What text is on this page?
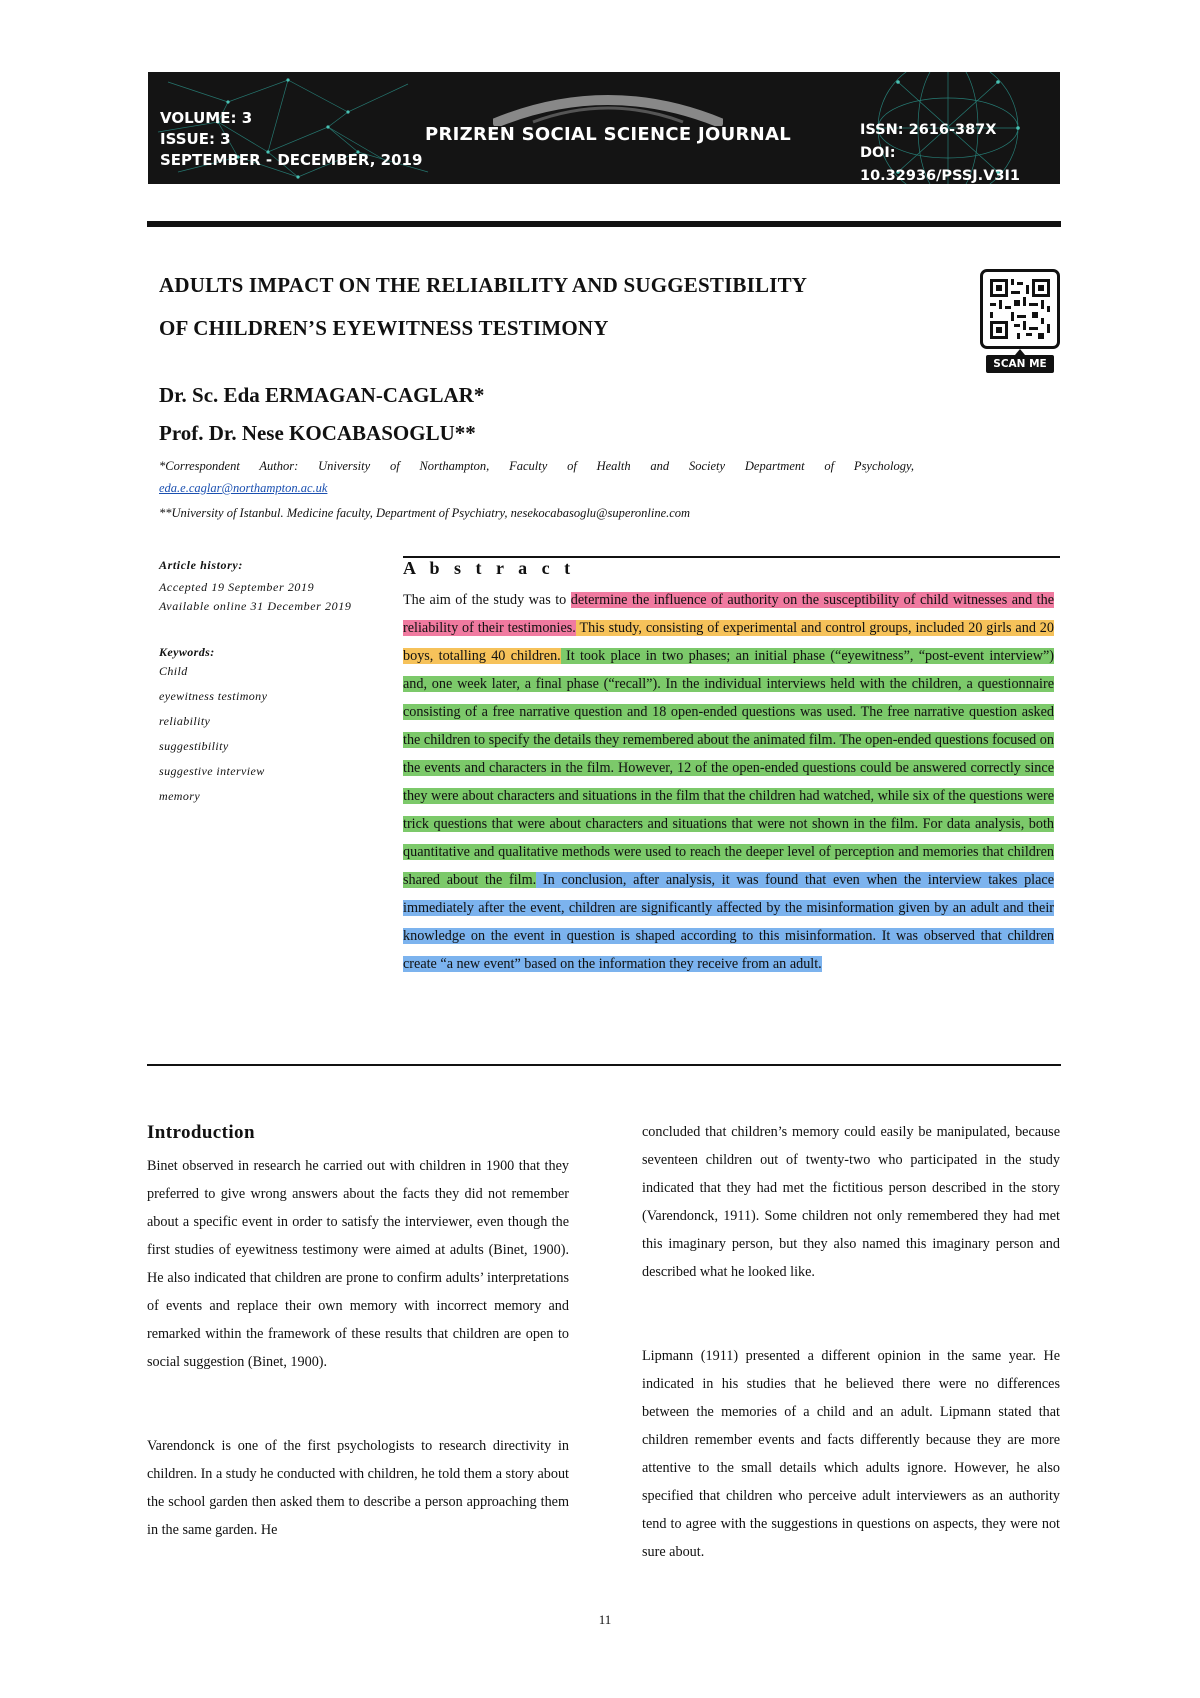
VOLUME: 3
ISSUE: 3
SEPTEMBER - DECEMBER, 2019
PRIZREN SOCIAL SCIENCE JOURNAL	ISSN: 2616-387X
DOI: 10.32936/PSSJ.V3I1
ADULTS IMPACT ON THE RELIABILITY AND SUGGESTIBILITY
OF CHILDREN’S EYEWITNESS TESTIMONY
SCAN ME
Dr. Sc. Eda ERMAGAN-CAGLAR*
Prof. Dr. Nese KOCABASOGLU**
*Correspondent Author: University of Northampton, Faculty of Health and Society Department of Psychology,
eda.e.caglar@northampton.ac.uk
**University of Istanbul. Medicine faculty, Department of Psychiatry, nesekocabasoglu@superonline.com
Article history:
Accepted 19 September 2019
Available online 31 December 2019
Keywords:
Child
eyewitness testimony
reliability
suggestibility
suggestive interview
memory
A b s t r a c t

The aim of the study was to determine the influence of authority on the susceptibility of child witnesses and the reliability of their testimonies. This study, consisting of experimental and control groups, included 20 girls and 20 boys, totalling 40 children. It took place in two phases; an initial phase (“eyewitness”, “post-event interview”) and, one week later, a final phase (“recall”). In the individual interviews held with the children, a questionnaire consisting of a free narrative question and 18 open-ended questions was used. The free narrative question asked the children to specify the details they remembered about the animated film. The open-ended questions focused on the events and characters in the film. However, 12 of the open-ended questions could be answered correctly since they were about characters and situations in the film that the children had watched, while six of the questions were trick questions that were about characters and situations that were not shown in the film. For data analysis, both quantitative and qualitative methods were used to reach the deeper level of perception and memories that children shared about the film. In conclusion, after analysis, it was found that even when the interview takes place immediately after the event, children are significantly affected by the misinformation given by an adult and their knowledge on the event in question is shaped according to this misinformation. It was observed that children create “a new event” based on the information they receive from an adult.

Introduction

Binet observed in research he carried out with children in 1900 that they preferred to give wrong answers about the facts they did not remember about a specific event in order to satisfy the interviewer, even though the first studies of eyewitness testimony were aimed at adults (Binet, 1900). He also indicated that children are prone to confirm adults’ interpretations of events and replace their own memory with incorrect memory and remarked within the framework of these results that children are open to social suggestion (Binet, 1900).

Varendonck is one of the first psychologists to research directivity in children. In a study he conducted with children, he told them a story about the school garden then asked them to describe a person approaching them in the same garden. He

concluded that children’s memory could easily be manipulated, because seventeen children out of twenty-two who participated in the study indicated that they had met the fictitious person described in the story (Varendonck, 1911). Some children not only remembered they had met this imaginary person, but they also named this imaginary person and described what he looked like.

Lipmann (1911) presented a different opinion in the same year. He indicated in his studies that he believed there were no differences between the memories of a child and an adult. Lipmann stated that children remember events and facts differently because they are more attentive to the small details which adults ignore. However, he also specified that children who perceive adult interviewers as an authority tend to agree with the suggestions in questions on aspects, they were not sure about.

11
